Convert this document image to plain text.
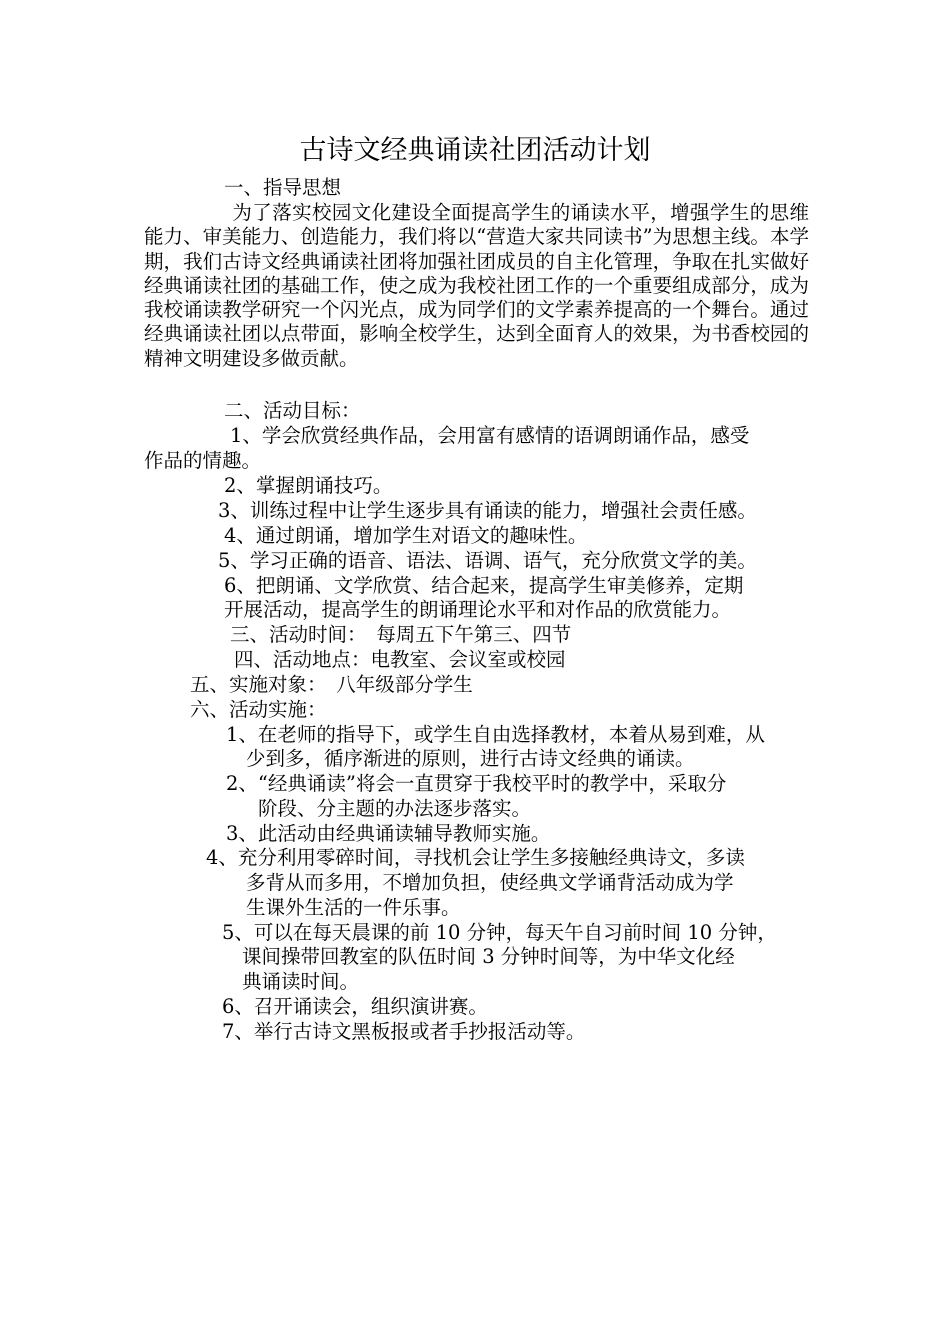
古诗文经典诵读社团活动计划
一、指导思想
为了落实校园文化建设全面提高学生的诵读水平，增强学生的思维能力、审美能力、创造能力，我们将以“营造大家共同读书”为思想主线。本学期，我们古诗文经典诵读社团将加强社团成员的自主化管理，争取在扎实做好经典诵读社团的基础工作，使之成为我校社团工作的一个重要组成部分，成为我校诵读教学研究一个闪光点，成为同学们的文学素养提高的一个舞台。通过经典诵读社团以点带面，影响全校学生，达到全面育人的效果，为书香校园的精神文明建设多做贡献。
二、活动目标：
1、学会欣赏经典作品，会用富有感情的语调朗诵作品，感受
作品的情趣。
2、掌握朗诵技巧。
3、训练过程中让学生逐步具有诵读的能力，增强社会责任感。
4、通过朗诵，增加学生对语文的趣味性。
5、学习正确的语音、语法、语调、语气，充分欣赏文学的美。
6、把朗诵、文学欣赏、结合起来，提高学生审美修养，定期
开展活动，提高学生的朗诵理论水平和对作品的欣赏能力。
三、活动时间：　每周五下午第三、四节
四、活动地点：电教室、会议室或校园
五、实施对象：　八年级部分学生
六、活动实施：
1、在老师的指导下，或学生自由选择教材，本着从易到难，从
少到多，循序渐进的原则，进行古诗文经典的诵读。
2、“经典诵读”将会一直贯穿于我校平时的教学中，采取分
阶段、分主题的办法逐步落实。
3、此活动由经典诵读辅导教师实施。
4、充分利用零碎时间，寻找机会让学生多接触经典诗文，多读
多背从而多用，不增加负担，使经典文学诵背活动成为学
生课外生活的一件乐事。
5、可以在每天晨课的前 10 分钟，每天午自习前时间 10 分钟，
课间操带回教室的队伍时间 3 分钟时间等，为中华文化经
典诵读时间。
6、召开诵读会，组织演讲赛。
7、举行古诗文黑板报或者手抄报活动等。
